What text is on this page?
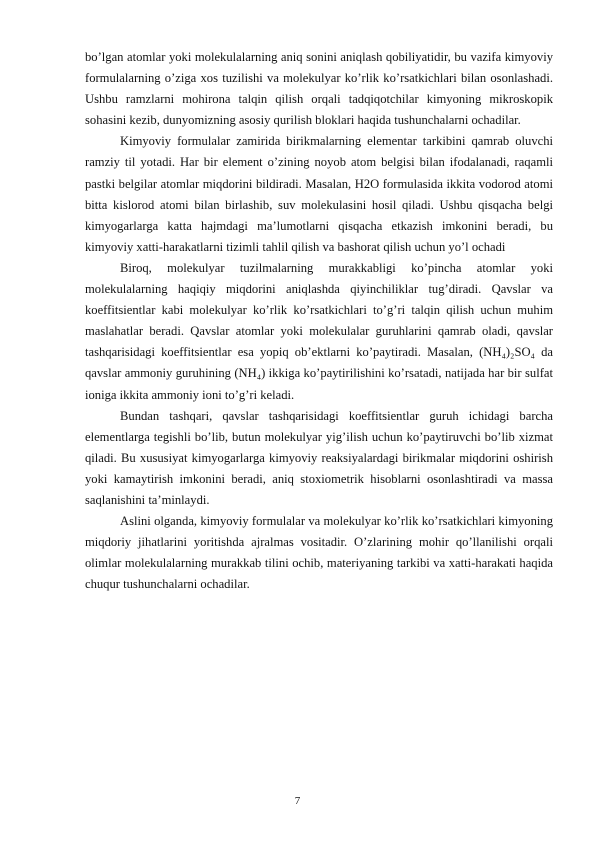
bo’lgan atomlar yoki molekulalarning aniq sonini aniqlash qobiliyatidir, bu vazifa kimyoviy formulalarning o’ziga xos tuzilishi va molekulyar ko’rlik ko’rsatkichlari bilan osonlashadi. Ushbu ramzlarni mohirona talqin qilish orqali tadqiqotchilar kimyoning mikroskopik sohasini kezib, dunyomizning asosiy qurilish bloklari haqida tushunchalarni ochadilar.

Kimyoviy formulalar zamirida birikmalarning elementar tarkibini qamrab oluvchi ramziy til yotadi. Har bir element o’zining noyob atom belgisi bilan ifodalanadi, raqamli pastki belgilar atomlar miqdorini bildiradi. Masalan, H2O formulasida ikkita vodorod atomi bitta kislorod atomi bilan birlashib, suv molekulasini hosil qiladi. Ushbu qisqacha belgi kimyogarlarga katta hajmdagi ma’lumotlarni qisqacha etkazish imkonini beradi, bu kimyoviy xatti-harakatlarni tizimli tahlil qilish va bashorat qilish uchun yo’l ochadi

Biroq, molekulyar tuzilmalarning murakkabligi ko’pincha atomlar yoki molekulalarning haqiqiy miqdorini aniqlashda qiyinchiliklar tug’diradi. Qavslar va koeffitsientlar kabi molekulyar ko’rlik ko’rsatkichlari to’g’ri talqin qilish uchun muhim maslahatlar beradi. Qavslar atomlar yoki molekulalar guruhlarini qamrab oladi, qavslar tashqarisidagi koeffitsientlar esa yopiq ob’ektlarni ko’paytiradi. Masalan, (NH₄)₂SO₄ da qavslar ammoniy guruhining (NH₄) ikkiga ko’paytirilishini ko’rsatadi, natijada har bir sulfat ioniga ikkita ammoniy ioni to’g’ri keladi.

Bundan tashqari, qavslar tashqarisidagi koeffitsientlar guruh ichidagi barcha elementlarga tegishli bo’lib, butun molekulyar yig’ilish uchun ko’paytiruvchi bo’lib xizmat qiladi. Bu xususiyat kimyogarlarga kimyoviy reaksiyalardagi birikmalar miqdorini oshirish yoki kamaytirish imkonini beradi, aniq stoxiometrik hisoblarni osonlashtiradi va massa saqlanishini ta’minlaydi.

Aslini olganda, kimyoviy formulalar va molekulyar ko’rlik ko’rsatkichlari kimyoning miqdoriy jihatlarini yoritishda ajralmas vositadir. O’zlarining mohir qo’llanilishi orqali olimlar molekulalarning murakkab tilini ochib, materiyaning tarkibi va xatti-harakati haqida chuqur tushunchalarni ochadilar.

7
